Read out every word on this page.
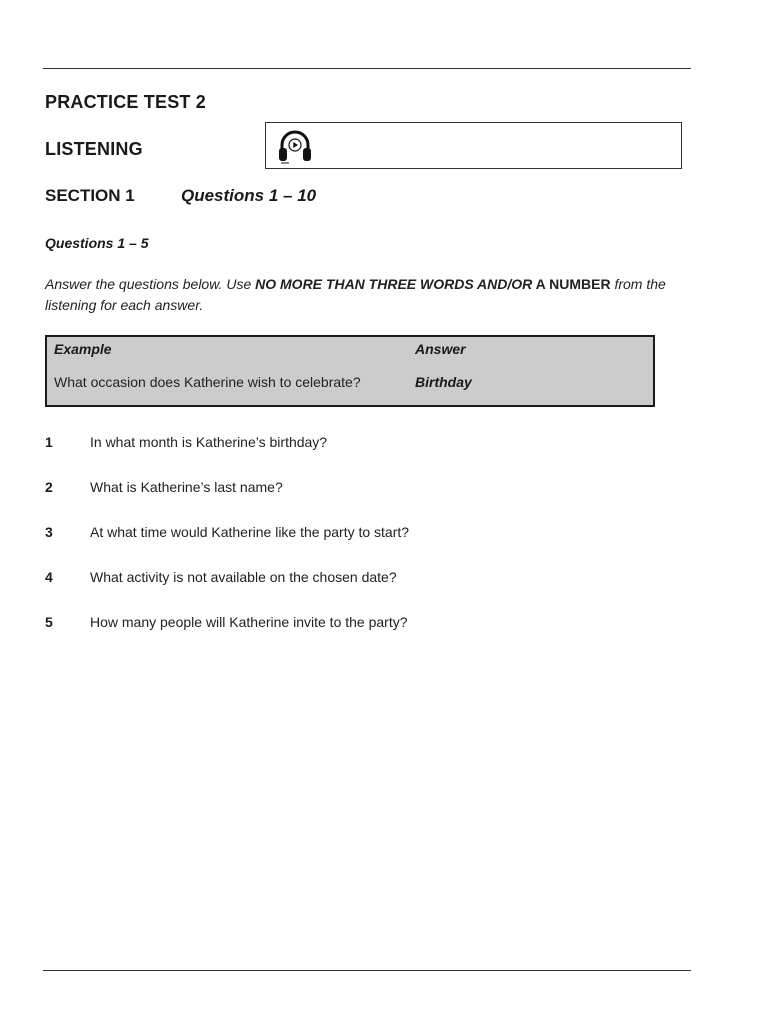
PRACTICE TEST 2
LISTENING
SECTION 1	Questions 1 – 10
Questions 1 – 5
Answer the questions below. Use NO MORE THAN THREE WORDS AND/OR A NUMBER from the listening for each answer.
Example	Answer
What occasion does Katherine wish to celebrate?	Birthday
1	In what month is Katherine’s birthday?
2	What is Katherine’s last name?
3	At what time would Katherine like the party to start?
4	What activity is not available on the chosen date?
5	How many people will Katherine invite to the party?
